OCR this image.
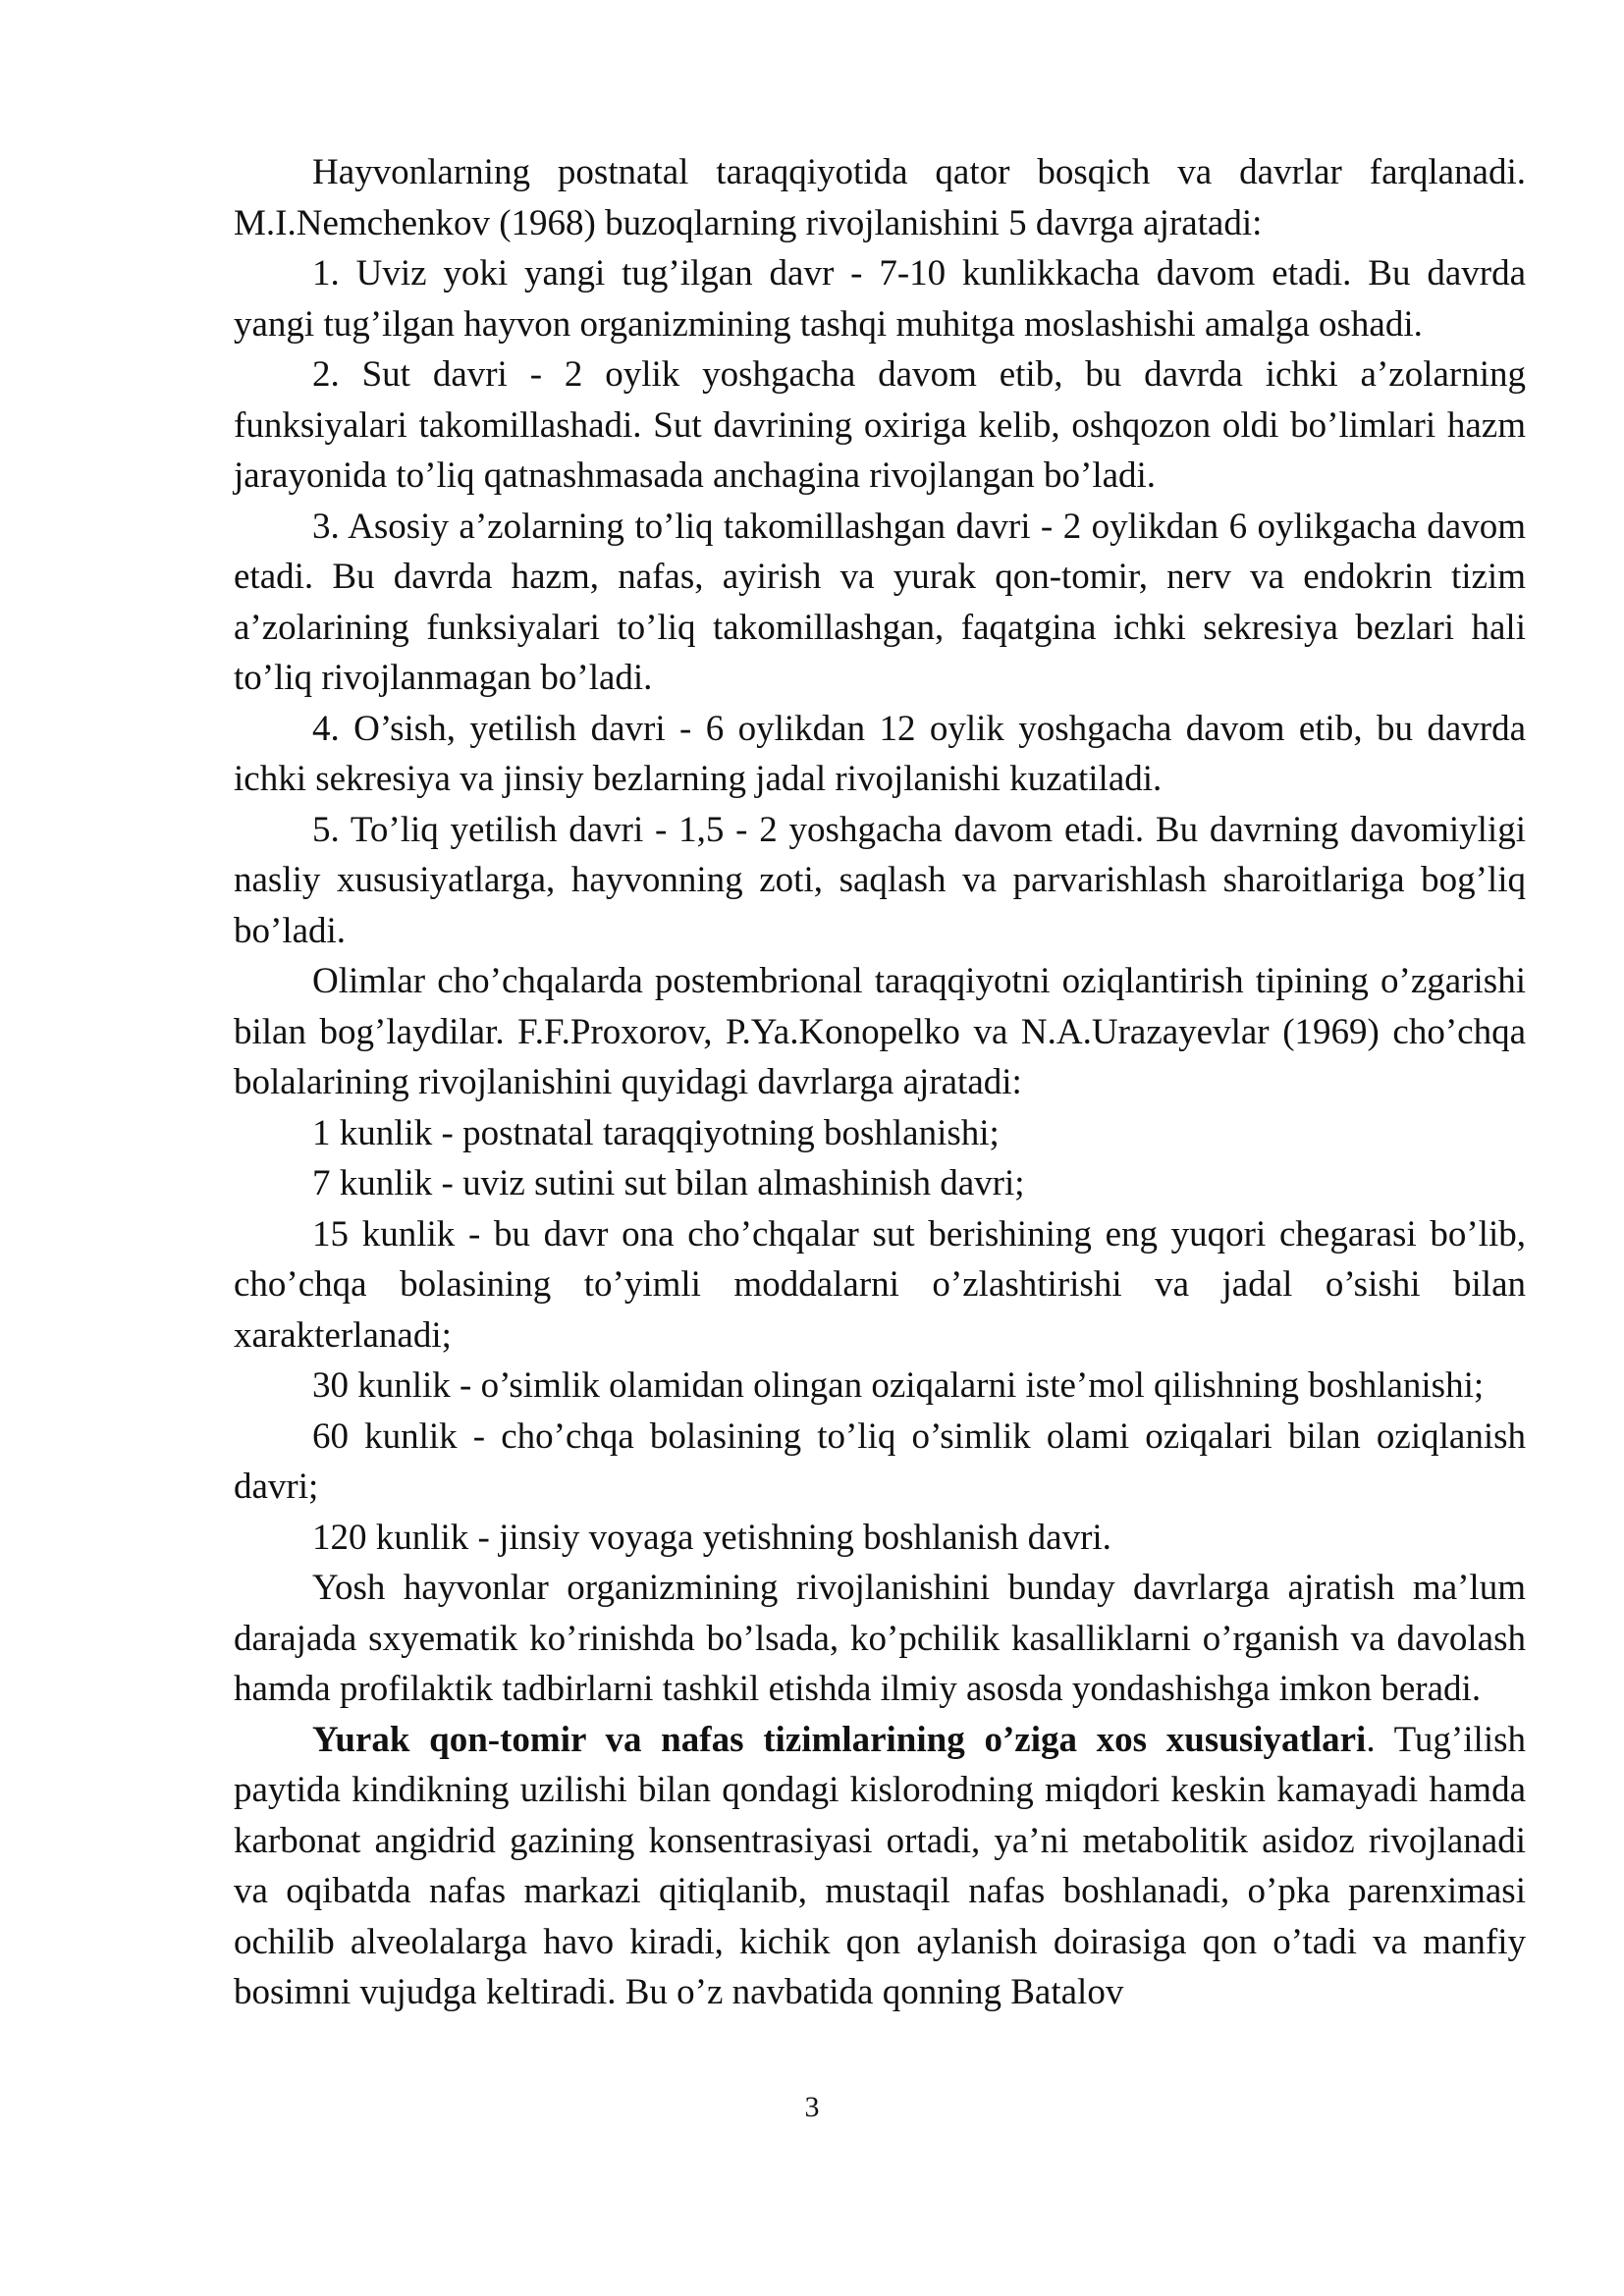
Hayvonlarning postnatal taraqqiyotida qator bosqich va davrlar farqlanadi. M.I.Nemchenkov (1968) buzoqlarning rivojlanishini 5 davrga ajratadi:

1. Uviz yoki yangi tug’ilgan davr - 7-10 kunlikkacha davom etadi. Bu davrda yangi tug’ilgan hayvon organizmining tashqi muhitga moslashishi amalga oshadi.

2. Sut davri - 2 oylik yoshgacha davom etib, bu davrda ichki a’zolarning funksiyalari takomillashadi. Sut davrining oxiriga kelib, oshqozon oldi bo’limlari hazm jarayonida to’liq qatnashmasada anchagina rivojlangan bo’ladi.

3. Asosiy a’zolarning to’liq takomillashgan davri - 2 oylikdan 6 oylikgacha davom etadi. Bu davrda hazm, nafas, ayirish va yurak qon-tomir, nerv va endokrin tizim a’zolarining funksiyalari to’liq takomillashgan, faqatgina ichki sekresiya bezlari hali to’liq rivojlanmagan bo’ladi.

4. O’sish, yetilish davri - 6 oylikdan 12 oylik yoshgacha davom etib, bu davrda ichki sekresiya va jinsiy bezlarning jadal rivojlanishi kuzatiladi.

5. To’liq yetilish davri - 1,5 - 2 yoshgacha davom etadi. Bu davrning davomiyligi nasliy xususiyatlarga, hayvonning zoti, saqlash va parvarishlash sharoitlariga bog’liq bo’ladi.

Olimlar cho’chqalarda postembrional taraqqiyotni oziqlantirish tipining o’zgarishi bilan bog’laydilar. F.F.Proxorov, P.Ya.Konopelko va N.A.Urazayevlar (1969) cho’chqa bolalarining rivojlanishini quyidagi davrlarga ajratadi:

1 kunlik - postnatal taraqqiyotning boshlanishi;

7 kunlik - uviz sutini sut bilan almashinish davri;

15 kunlik - bu davr ona cho’chqalar sut berishining eng yuqori chegarasi bo’lib, cho’chqa bolasining to’yimli moddalarni o’zlashtirishi va jadal o’sishi bilan xarakterlanadi;

30 kunlik - o’simlik olamidan olingan oziqalarni iste’mol qilishning boshlanishi;

60 kunlik - cho’chqa bolasining to’liq o’simlik olami oziqalari bilan oziqlanish davri;

120 kunlik - jinsiy voyaga yetishning boshlanish davri.

Yosh hayvonlar organizmining rivojlanishini bunday davrlarga ajratish ma’lum darajada sxyematik ko’rinishda bo’lsada, ko’pchilik kasalliklarni o’rganish va davolash hamda profilaktik tadbirlarni tashkil etishda ilmiy asosda yondashishga imkon beradi.

Yurak qon-tomir va nafas tizimlarining o’ziga xos xususiyatlari. Tug’ilish paytida kindikning uzilishi bilan qondagi kislorodning miqdori keskin kamayadi hamda karbonat angidrid gazining konsentrasiyasi ortadi, ya’ni metabolitik asidoz rivojlanadi va oqibatda nafas markazi qitiqlanib, mustaqil nafas boshlanadi, o’pka parenximasi ochilib alveolalarga havo kiradi, kichik qon aylanish doirasiga qon o’tadi va manfiy bosimni vujudga keltiradi. Bu o’z navbatida qonning Batalov

3
